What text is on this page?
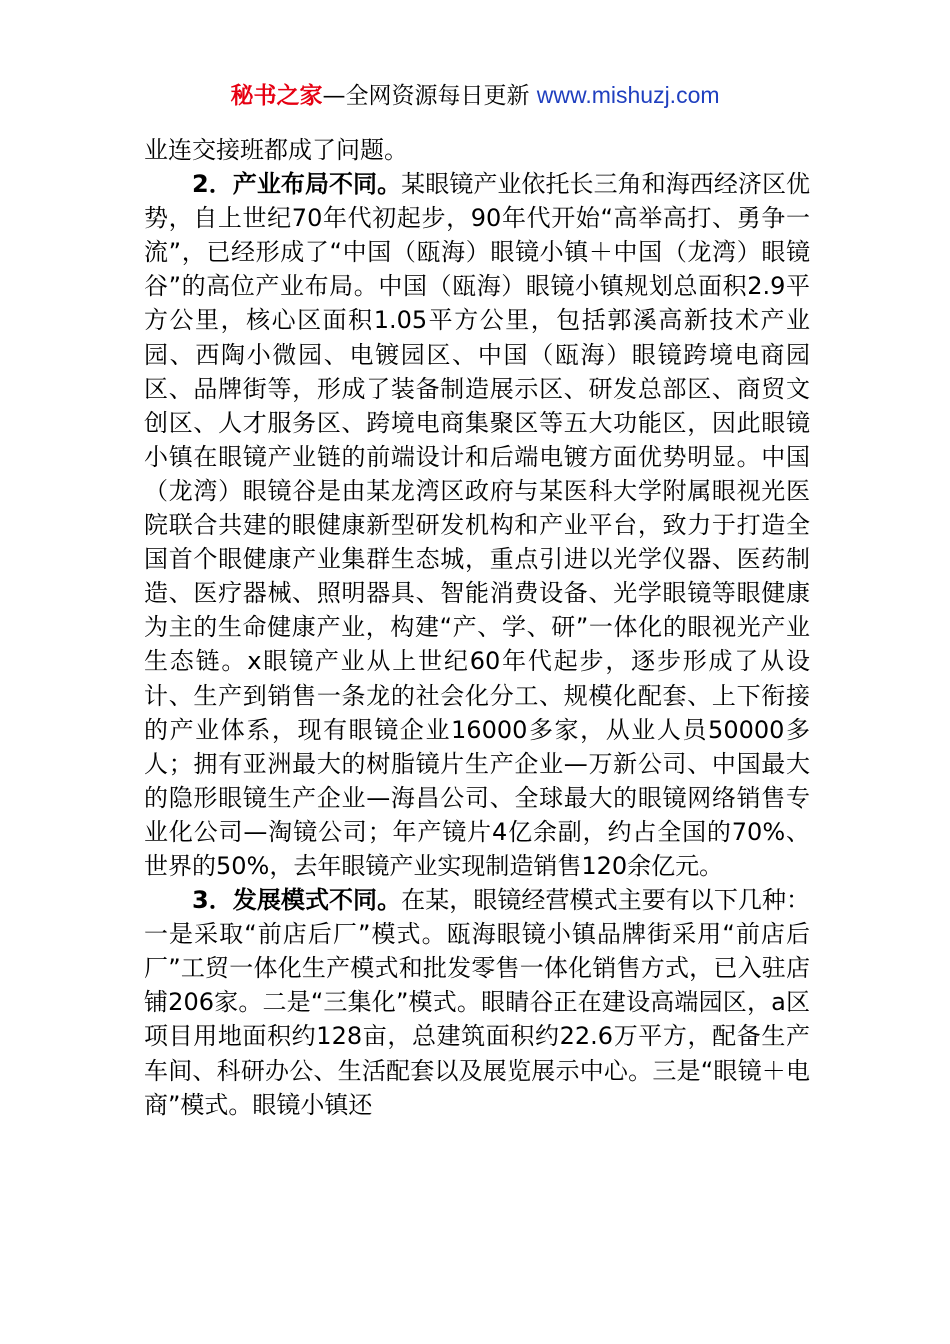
秘书之家—全网资源每日更新 www.mishuzj.com

业连交接班都成了问题。

2．产业布局不同。某眼镜产业依托长三角和海西经济区优势，自上世纪70年代初起步，90年代开始“高举高打、勇争一流”，已经形成了“中国（瓯海）眼镜小镇＋中国（龙湾）眼镜谷”的高位产业布局。中国（瓯海）眼镜小镇规划总面积2.9平方公里，核心区面积1.05平方公里，包括郭溪高新技术产业园、西陶小微园、电镀园区、中国（瓯海）眼镜跨境电商园区、品牌街等，形成了装备制造展示区、研发总部区、商贸文创区、人才服务区、跨境电商集聚区等五大功能区，因此眼镜小镇在眼镜产业链的前端设计和后端电镀方面优势明显。中国（龙湾）眼镜谷是由某龙湾区政府与某医科大学附属眼视光医院联合共建的眼健康新型研发机构和产业平台，致力于打造全国首个眼健康产业集群生态城，重点引进以光学仪器、医药制造、医疗器械、照明器具、智能消费设备、光学眼镜等眼健康为主的生命健康产业，构建“产、学、研”一体化的眼视光产业生态链。x眼镜产业从上世纪60年代起步，逐步形成了从设计、生产到销售一条龙的社会化分工、规模化配套、上下衔接的产业体系，现有眼镜企业16000多家，从业人员50000多人；拥有亚洲最大的树脂镜片生产企业—万新公司、中国最大的隐形眼镜生产企业—海昌公司、全球最大的眼镜网络销售专业化公司—淘镜公司；年产镜片4亿余副，约占全国的70%、世界的50%，去年眼镜产业实现制造销售120余亿元。

3．发展模式不同。在某，眼镜经营模式主要有以下几种：一是采取“前店后厂”模式。瓯海眼镜小镇品牌街采用“前店后厂”工贸一体化生产模式和批发零售一体化销售方式，已入驻店铺206家。二是“三集化”模式。眼睛谷正在建设高端园区，a区项目用地面积约128亩，总建筑面积约22.6万平方，配备生产车间、科研办公、生活配套以及展览展示中心。三是“眼镜＋电商”模式。眼镜小镇还
